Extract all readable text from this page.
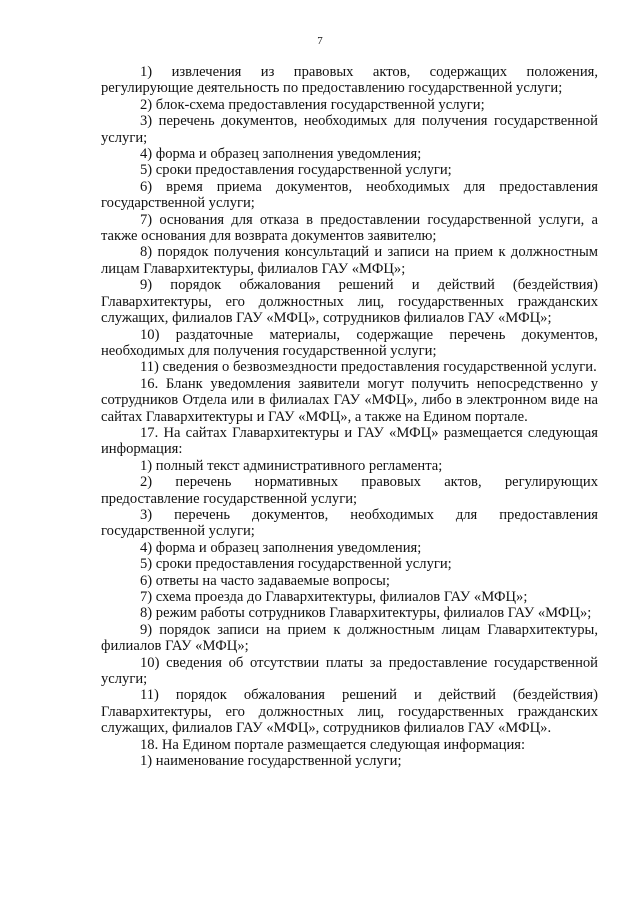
7

1) извлечения из правовых актов, содержащих положения, регулирующие деятельность по предоставлению государственной услуги;

2) блок-схема предоставления государственной услуги;

3) перечень документов, необходимых для получения государственной услуги;

4) форма и образец заполнения уведомления;

5) сроки предоставления государственной услуги;

6) время приема документов, необходимых для предоставления государственной услуги;

7) основания для отказа в предоставлении государственной услуги, а также основания для возврата документов заявителю;

8) порядок получения консультаций и записи на прием к должностным лицам Главархитектуры, филиалов ГАУ «МФЦ»;

9) порядок обжалования решений и действий (бездействия) Главархитектуры, его должностных лиц, государственных гражданских служащих, филиалов ГАУ «МФЦ», сотрудников филиалов ГАУ «МФЦ»;

10) раздаточные материалы, содержащие перечень документов, необходимых для получения государственной услуги;

11) сведения о безвозмездности предоставления государственной услуги.

16. Бланк уведомления заявители могут получить непосредственно у сотрудников Отдела или в филиалах ГАУ «МФЦ», либо в электронном виде на сайтах Главархитектуры и ГАУ «МФЦ», а также на Едином портале.

17. На сайтах Главархитектуры и ГАУ «МФЦ» размещается следующая информация:

1) полный текст административного регламента;

2) перечень нормативных правовых актов, регулирующих предоставление государственной услуги;

3) перечень документов, необходимых для предоставления государственной услуги;

4) форма и образец заполнения уведомления;

5) сроки предоставления государственной услуги;

6) ответы на часто задаваемые вопросы;

7) схема проезда до Главархитектуры, филиалов ГАУ «МФЦ»;

8) режим работы сотрудников Главархитектуры, филиалов ГАУ «МФЦ»;

9) порядок записи на прием к должностным лицам Главархитектуры, филиалов ГАУ «МФЦ»;

10) сведения об отсутствии платы за предоставление государственной услуги;

11) порядок обжалования решений и действий (бездействия) Главархитектуры, его должностных лиц, государственных гражданских служащих, филиалов ГАУ «МФЦ», сотрудников филиалов ГАУ «МФЦ».

18. На Едином портале размещается следующая информация:

1) наименование государственной услуги;
